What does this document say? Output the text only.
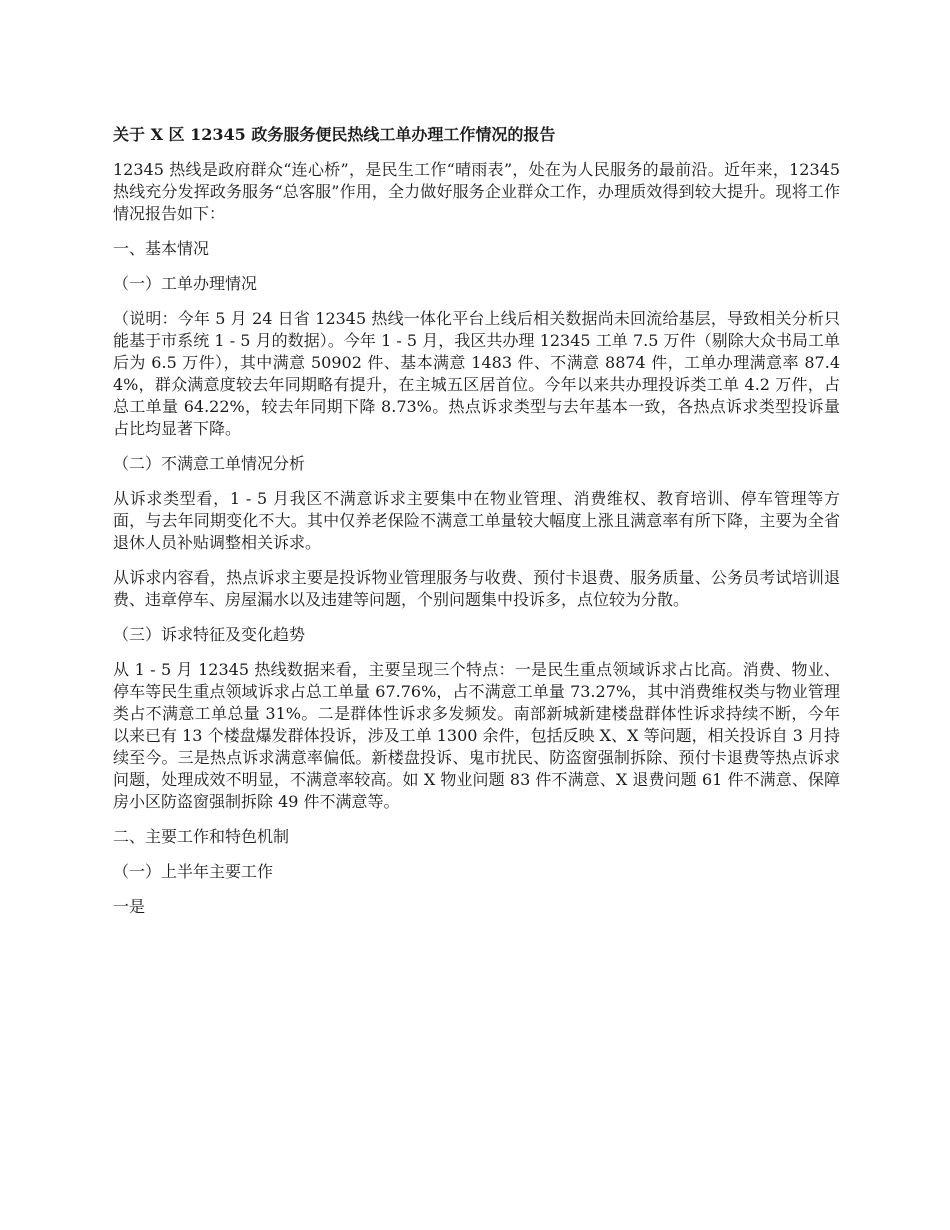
关于 X 区 12345 政务服务便民热线工单办理工作情况的报告

12345 热线是政府群众“连心桥”，是民生工作“晴雨表”，处在为人民服务的最前沿。近年来，12345 热线充分发挥政务服务“总客服”作用，全力做好服务企业群众工作，办理质效得到较大提升。现将工作情况报告如下：

一、基本情况

（一）工单办理情况

（说明：今年 5 月 24 日省 12345 热线一体化平台上线后相关数据尚未回流给基层，导致相关分析只能基于市系统 1 - 5 月的数据）。今年 1 - 5 月，我区共办理 12345 工单 7.5 万件（剔除大众书局工单后为 6.5 万件），其中满意 50902 件、基本满意 1483 件、不满意 8874 件，工单办理满意率 87.44%，群众满意度较去年同期略有提升，在主城五区居首位。今年以来共办理投诉类工单 4.2 万件，占总工单量 64.22%，较去年同期下降 8.73%。热点诉求类型与去年基本一致，各热点诉求类型投诉量占比均显著下降。

（二）不满意工单情况分析

从诉求类型看，1 - 5 月我区不满意诉求主要集中在物业管理、消费维权、教育培训、停车管理等方面，与去年同期变化不大。其中仅养老保险不满意工单量较大幅度上涨且满意率有所下降，主要为全省退休人员补贴调整相关诉求。

从诉求内容看，热点诉求主要是投诉物业管理服务与收费、预付卡退费、服务质量、公务员考试培训退费、违章停车、房屋漏水以及违建等问题，个别问题集中投诉多，点位较为分散。

（三）诉求特征及变化趋势

从 1 - 5 月 12345 热线数据来看，主要呈现三个特点：一是民生重点领域诉求占比高。消费、物业、停车等民生重点领域诉求占总工单量 67.76%，占不满意工单量 73.27%，其中消费维权类与物业管理类占不满意工单总量 31%。二是群体性诉求多发频发。南部新城新建楼盘群体性诉求持续不断，今年以来已有 13 个楼盘爆发群体投诉，涉及工单 1300 余件，包括反映 X、X 等问题，相关投诉自 3 月持续至今。三是热点诉求满意率偏低。新楼盘投诉、鬼市扰民、防盗窗强制拆除、预付卡退费等热点诉求问题，处理成效不明显，不满意率较高。如 X 物业问题 83 件不满意、X 退费问题 61 件不满意、保障房小区防盗窗强制拆除 49 件不满意等。

二、主要工作和特色机制

（一）上半年主要工作

一是
